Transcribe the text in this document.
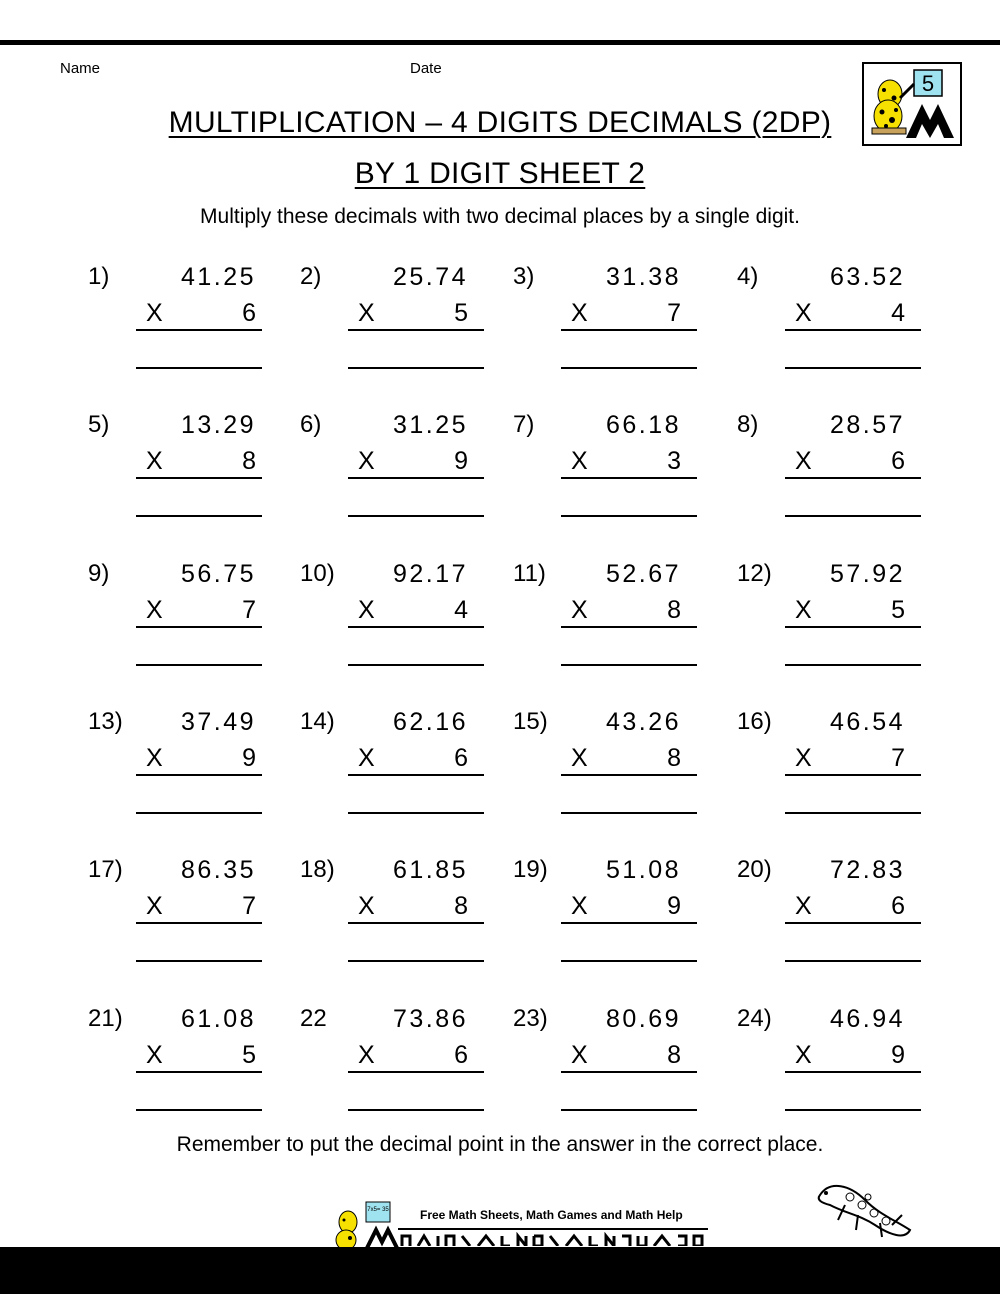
Name	Date
5
MULTIPLICATION – 4 DIGITS DECIMALS (2DP)
BY 1 DIGIT SHEET 2
Multiply these decimals with two decimal places by a single digit.
1)	41.25
X	6
2)	25.74
X	5
3)	31.38
X	7
4)	63.52
X	4
5)	13.29
X	8
6)	31.25
X	9
7)	66.18
X	3
8)	28.57
X	6
9)	56.75
X	7
10)	92.17
X	4
11)	52.67
X	8
12)	57.92
X	5
13)	37.49
X	9
14)	62.16
X	6
15)	43.26
X	8
16)	46.54
X	7
17)	86.35
X	7
18)	61.85
X	8
19)	51.08
X	9
20)	72.83
X	6
21)	61.08
X	5
22	73.86
X	6
23)	80.69
X	8
24)	46.94
X	9
Remember to put the decimal point in the answer in the correct place.
7x5= 35	Free Math Sheets, Math Games and Math Help
